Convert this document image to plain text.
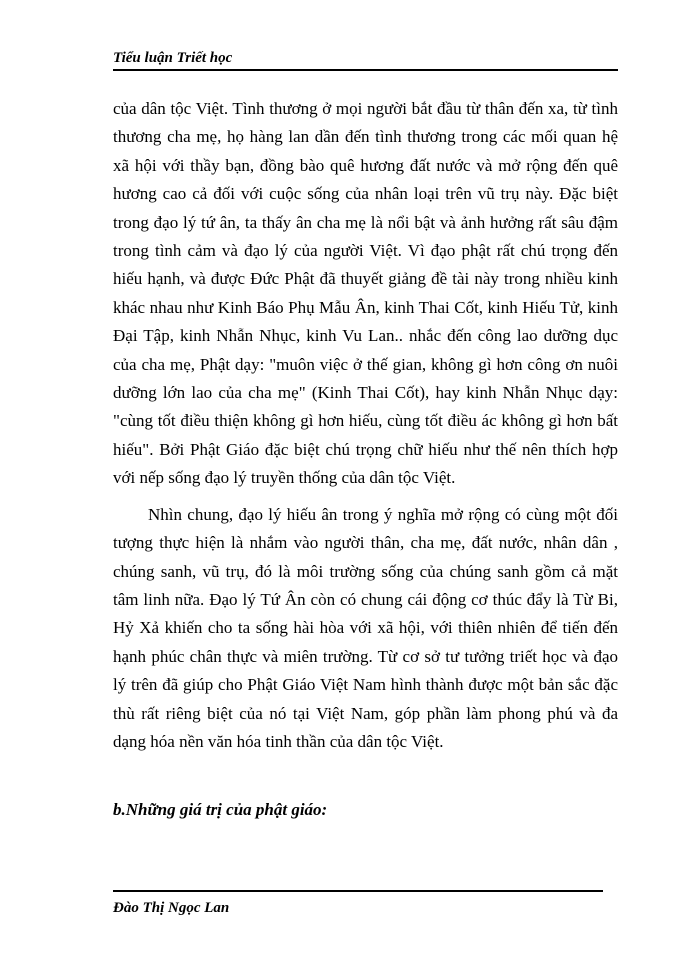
Tiểu luận Triết học

của dân tộc Việt. Tình thương ở mọi người bắt đầu từ thân đến xa, từ tình thương cha mẹ, họ hàng lan dần đến tình thương trong các mối quan hệ xã hội với thầy bạn, đồng bào quê hương đất nước và mở rộng đến quê hương cao cả đối với cuộc sống của nhân loại trên vũ trụ này. Đặc biệt trong đạo lý tứ ân, ta thấy ân cha mẹ là nổi bật và ảnh hưởng rất sâu đậm trong tình cảm và đạo lý của người Việt. Vì đạo phật rất chú trọng đến hiếu hạnh, và được Đức Phật đã thuyết giảng đề tài này trong nhiều kinh khác nhau như Kinh Báo Phụ Mẫu Ân, kinh Thai Cốt, kinh Hiếu Tử, kinh Đại Tập, kinh Nhẫn Nhục, kinh Vu Lan.. nhắc đến công lao dưỡng dục của cha mẹ, Phật dạy: "muôn việc ở thế gian, không gì hơn công ơn nuôi dưỡng lớn lao của cha mẹ" (Kinh Thai Cốt), hay kinh Nhẫn Nhục dạy: "cùng tốt điều thiện không gì hơn hiếu, cùng tốt điều ác không gì hơn bất hiếu". Bởi Phật Giáo đặc biệt chú trọng chữ hiếu như thế nên thích hợp với nếp sống đạo lý truyền thống của dân tộc Việt.

Nhìn chung, đạo lý hiếu ân trong ý nghĩa mở rộng có cùng một đối tượng thực hiện là nhắm vào người thân, cha mẹ, đất nước, nhân dân , chúng sanh, vũ trụ, đó là môi trường sống của chúng sanh gồm cả mặt tâm linh nữa. Đạo lý Tứ Ân còn có chung cái động cơ thúc đẩy là Từ Bi, Hỷ Xả khiến cho ta sống hài hòa với xã hội, với thiên nhiên để tiến đến hạnh phúc chân thực và miên trường. Từ cơ sở tư tưởng triết học và đạo lý trên đã giúp cho Phật Giáo Việt Nam hình thành được một bản sắc đặc thù rất riêng biệt của nó tại Việt Nam, góp phần làm phong phú và đa dạng hóa nền văn hóa tinh thần của dân tộc Việt.

b.Những giá trị của phật giáo:
Đào Thị Ngọc Lan
